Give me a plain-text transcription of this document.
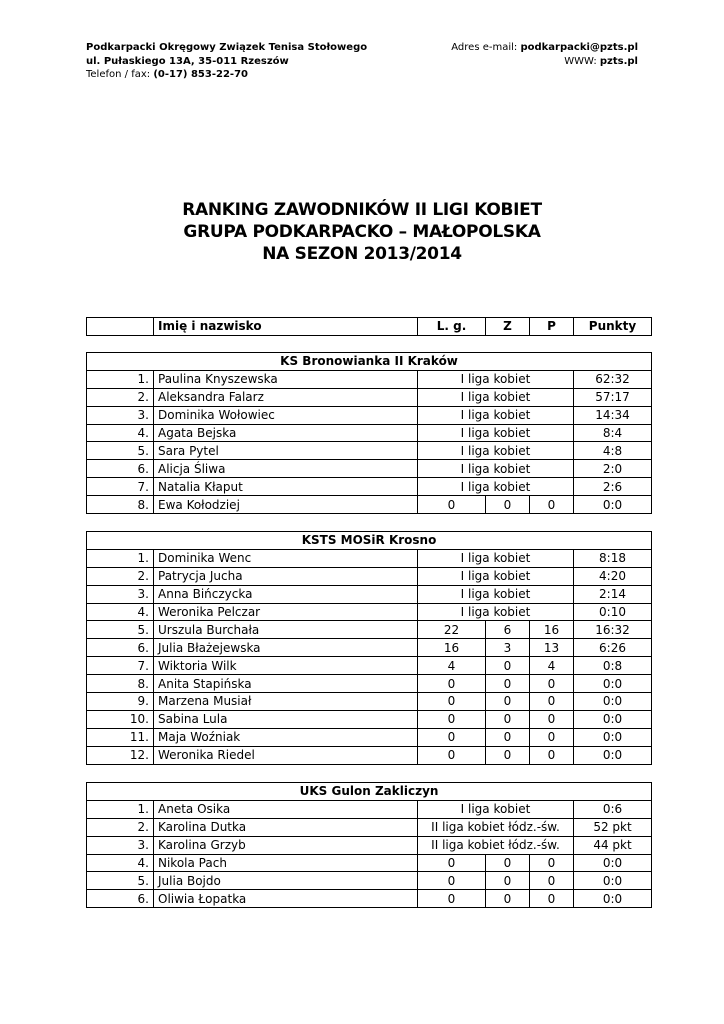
Podkarpacki Okręgowy Związek Tenisa Stołowego
ul. Pułaskiego 13A, 35-011 Rzeszów
Telefon / fax: (0-17) 853-22-70
Adres e-mail: podkarpacki@pzts.pl
WWW: pzts.pl
RANKING ZAWODNIKÓW II LIGI KOBIET
GRUPA PODKARPACKO – MAŁOPOLSKA
NA SEZON 2013/2014
	Imię i nazwisko	L. g.	Z	P	Punkty
KS Bronowianka II Kraków					
1.	Paulina Knyszewska	I liga kobiet			62:32
2.	Aleksandra Falarz	I liga kobiet			57:17
3.	Dominika Wołowiec	I liga kobiet			14:34
4.	Agata Bejska	I liga kobiet			8:4
5.	Sara Pytel	I liga kobiet			4:8
6.	Alicja Śliwa	I liga kobiet			2:0
7.	Natalia Kłaput	I liga kobiet			2:6
8.	Ewa Kołodziej	0	0	0	0:0
KSTS MOSiR Krosno					
1.	Dominika Wenc	I liga kobiet			8:18
2.	Patrycja Jucha	I liga kobiet			4:20
3.	Anna Bińczycka	I liga kobiet			2:14
4.	Weronika Pelczar	I liga kobiet			0:10
5.	Urszula Burchała	22	6	16	16:32
6.	Julia Błażejewska	16	3	13	6:26
7.	Wiktoria Wilk	4	0	4	0:8
8.	Anita Stapińska	0	0	0	0:0
9.	Marzena Musiał	0	0	0	0:0
10.	Sabina Lula	0	0	0	0:0
11.	Maja Woźniak	0	0	0	0:0
12.	Weronika Riedel	0	0	0	0:0
UKS Gulon Zakliczyn					
1.	Aneta Osika	I liga kobiet			0:6
2.	Karolina Dutka	II liga kobiet łódz.-św.			52 pkt
3.	Karolina Grzyb	II liga kobiet łódz.-św.			44 pkt
4.	Nikola Pach	0	0	0	0:0
5.	Julia Bojdo	0	0	0	0:0
6.	Oliwia Łopatka	0	0	0	0:0
